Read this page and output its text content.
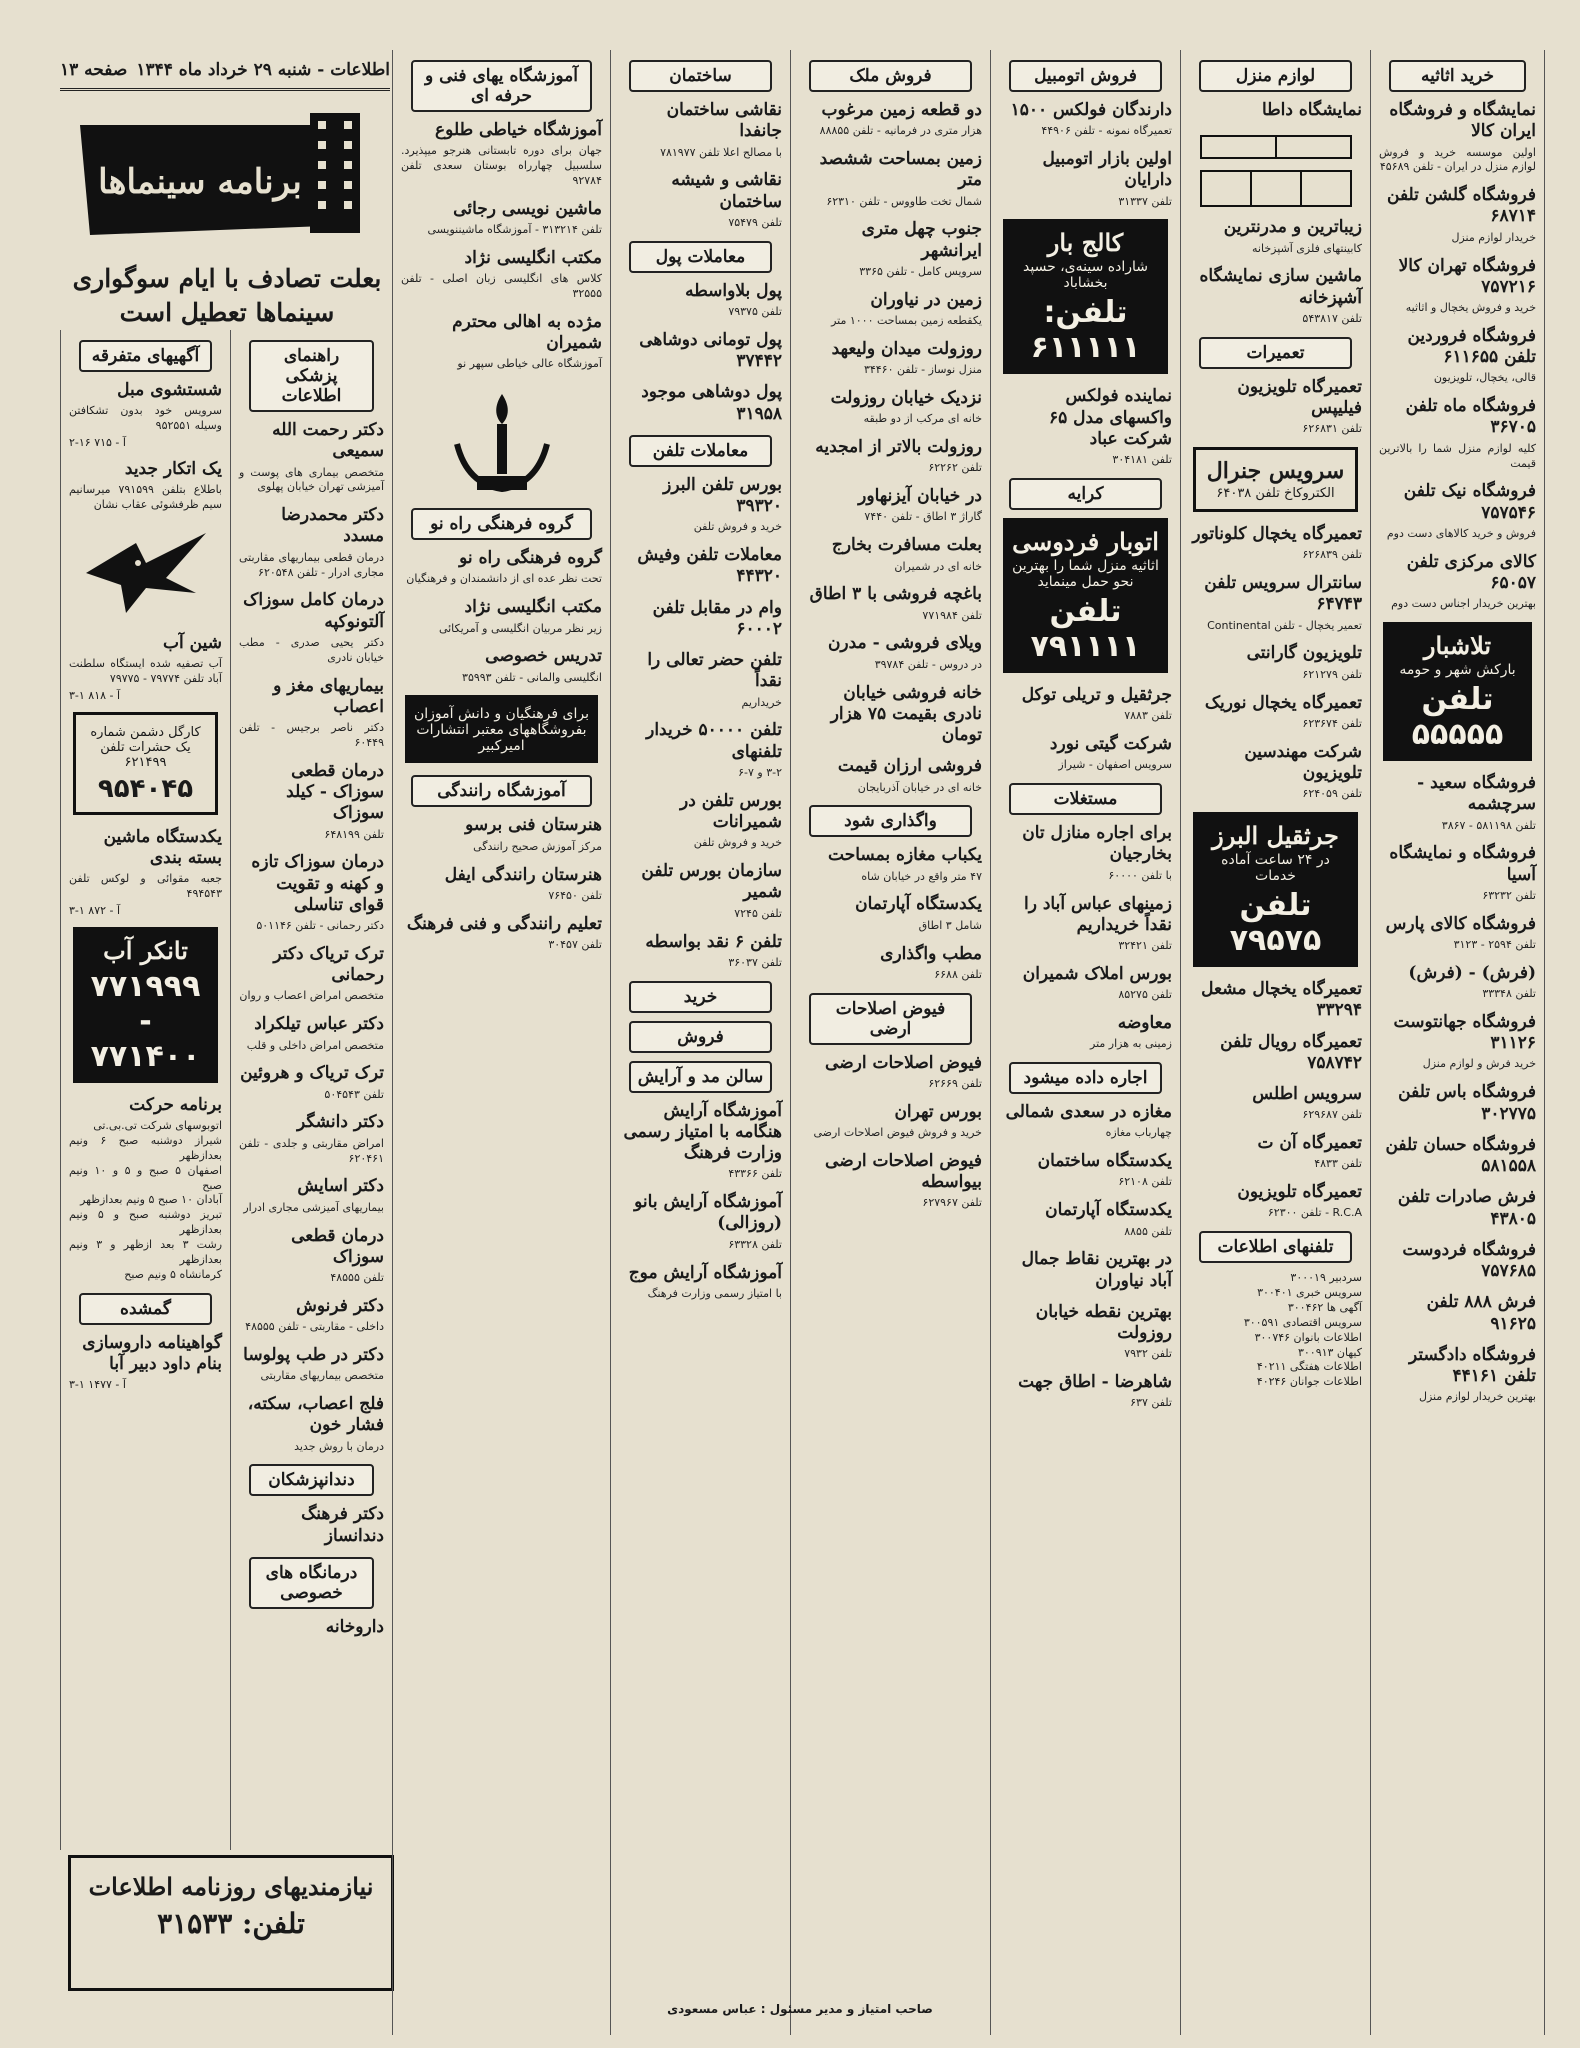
اطلاعات - شنبه ۲۹ خرداد ماه ۱۳۴۴
صفحه ۱۳
برنامه سینماها
بعلت تصادف با ایام سوگواری سینماها تعطیل است
آگهیهای متفرقه
شستشوی مبل

سرویس خود بدون تشکافتن وسیله ۹۵۲۵۵۱

۲-۱۶ آ - ۷۱۵
یک اتکار جدید

باطلاع بتلفن ۷۹۱۵۹۹ میرسانیم سیم ظرفشوئی عقاب نشان

شین آب

آب تصفیه شده ایستگاه سلطنت آباد تلفن ۷۹۷۷۴ - ۷۹۷۷۵

۳-۱ آ - ۸۱۸
کارگل دشمن شماره یک حشرات تلفن ۶۲۱۴۹۹
۹۵۴۰۴۵
یکدستگاه ماشین بسته بندی

جعبه مقوائی و لوکس تلفن ۴۹۴۵۴۳

۳-۱ آ - ۸۷۲
تانکر آب
۷۷۱۹۹۹ - ۷۷۱۴۰۰
برنامه حرکت

اتوبوسهای شرکت تی.بی.تی

شیراز دوشنبه صبح ۶ ونیم بعدازظهر

اصفهان ۵ صبح و ۵ و ۱۰ ونیم صبح

آبادان ۱۰ صبح ۵ ونیم بعدازظهر

تبریز دوشنبه صبح و ۵ ونیم بعدازظهر

رشت ۳ بعد ازظهر و ۳ ونیم بعدازظهر

کرمانشاه ۵ ونیم صبح

گمشده
گواهینامه داروسازی بنام داود دبیر آبا
۳-۱ آ - ۱۴۷۷
راهنمای پزشکی اطلاعات
دکتر رحمت الله سمیعی

متخصص بیماری های پوست و آمیزشی تهران خیابان پهلوی

دکتر محمدرضا مسدد

درمان قطعی بیماریهای مقاربتی مجاری ادرار - تلفن ۶۲۰۵۴۸

درمان کامل سوزاک آلتونوکپه

دکتر یحیی صدری - مطب خیابان نادری

بیماریهای مغز و اعصاب

دکتر ناصر برجیس - تلفن ۶۰۴۴۹

درمان قطعی سوزاک - کیلد سوزاک

تلفن ۶۴۸۱۹۹

درمان سوزاک تازه و کهنه و تقویت قوای تناسلی

دکتر رحمانی - تلفن ۵۰۱۱۴۶

ترک تریاک دکتر رحمانی

متخصص امراض اعصاب و روان

دکتر عباس تیلکراد

متخصص امراض داخلی و قلب

ترک تریاک و هروئین

تلفن ۵۰۴۵۴۳

دکتر دانشگر

امراض مقاربتی و جلدی - تلفن ۶۲۰۴۶۱

دکتر اسایش

بیماریهای آمیزشی مجاری ادرار

درمان قطعی سوزاک

تلفن ۴۸۵۵۵

دکتر فرنوش

داخلی - مقاربتی - تلفن ۴۸۵۵۵

دکتر در طب پولوسا

متخصص بیماریهای مقاربتی

فلج اعصاب، سکته، فشار خون

درمان با روش جدید

دندانپزشکان
دکتر فرهنگ دندانساز
درمانگاه های خصوصی
داروخانه
نیازمندیهای روزنامه اطلاعات
تلفن: ۳۱۵۳۳
آموزشگاه یهای فنی و حرفه ای
آموزشگاه خیاطی طلوع

جهان برای دوره تابستانی هنرجو میپذیرد. سلسبیل چهارراه بوستان سعدی تلفن ۹۲۷۸۴

ماشین نویسی رجائی

تلفن ۳۱۳۲۱۴ - آموزشگاه ماشیننویسی

مکتب انگلیسی نژاد

کلاس های انگلیسی زبان اصلی - تلفن ۳۲۵۵۵

مژده به اهالی محترم شمیران

آموزشگاه عالی خیاطی سپهر نو

گروه فرهنگی راه نو
گروه فرهنگی راه نو

تحت نظر عده ای از دانشمندان و فرهنگیان

مکتب انگلیسی نژاد

زیر نظر مربیان انگلیسی و آمریکائی

تدریس خصوصی

انگلیسی والمانی - تلفن ۳۵۹۹۳

برای فرهنگیان و دانش آموزان بفروشگاههای معتبر انتشارات امیرکبیر
آموزشگاه رانندگی
هنرستان فنی برسو

مرکز آموزش صحیح رانندگی

هنرستان رانندگی ایفل

تلفن ۷۶۴۵۰

تعلیم رانندگی و فنی فرهنگ

تلفن ۳۰۴۵۷

ساختمان
نقاشی ساختمان جانفدا

با مصالح اعلا تلفن ۷۸۱۹۷۷

نقاشی و شیشه ساختمان

تلفن ۷۵۴۷۹

معاملات پول
پول بلاواسطه

تلفن ۷۹۳۷۵

پول تومانی دوشاهی ۳۷۴۴۲
پول دوشاهی موجود ۳۱۹۵۸
معاملات تلفن
بورس تلفن البرز ۳۹۳۲۰

خرید و فروش تلفن

معاملات تلفن وفیش ۴۴۳۲۰
وام در مقابل تلفن ۶۰۰۰۲
تلفن حضر تعالی را نقداً

خریداریم

تلفن ۵۰۰۰۰ خریدار تلفنهای

۳-۲ و ۷-۶

بورس تلفن در شمیرانات

خرید و فروش تلفن

سازمان بورس تلفن شمیر

تلفن ۷۲۴۵

تلفن ۶ نقد بواسطه

تلفن ۳۶۰۳۷

خرید
فروش
سالن مد و آرایش
آموزشگاه آرایش هنگامه با امتیاز رسمی وزارت فرهنگ

تلفن ۴۳۳۶۶

آموزشگاه آرایش بانو (روزالی)

تلفن ۶۳۳۲۸

آموزشگاه آرایش موج

با امتیاز رسمی وزارت فرهنگ

فروش ملک
دو قطعه زمین مرغوب

هزار متری در فرمانیه - تلفن ۸۸۸۵۵

زمین بمساحت ششصد متر

شمال تخت طاووس - تلفن ۶۲۳۱۰

جنوب چهل متری ایرانشهر

سرویس کامل - تلفن ۳۳۶۵

زمین در نیاوران

یکقطعه زمین بمساحت ۱۰۰۰ متر

روزولت میدان ولیعهد

منزل نوساز - تلفن ۳۴۴۶۰

نزدیک خیابان روزولت

خانه ای مرکب از دو طبقه

روزولت بالاتر از امجدیه

تلفن ۶۲۲۶۲

در خیابان آیزنهاور

گاراژ ۳ اطاق - تلفن ۷۴۴۰

بعلت مسافرت بخارج

خانه ای در شمیران

باغچه فروشی با ۳ اطاق

تلفن ۷۷۱۹۸۴

ویلای فروشی - مدرن

در دروس - تلفن ۳۹۷۸۴

خانه فروشی خیابان نادری بقیمت ۷۵ هزار تومان
فروشی ارزان قیمت

خانه ای در خیابان آذربایجان

واگذاری شود
یکباب مغازه بمساحت

۴۷ متر واقع در خیابان شاه

یکدستگاه آپارتمان

شامل ۳ اطاق

مطب واگذاری

تلفن ۶۶۸۸

فیوض اصلاحات ارضی
فیوض اصلاحات ارضی

تلفن ۶۲۶۶۹

بورس تهران

خرید و فروش فیوض اصلاحات ارضی

فیوض اصلاحات ارضی بیواسطه

تلفن ۶۲۷۹۶۷

فروش اتومبیل
دارندگان فولکس ۱۵۰۰

تعمیرگاه نمونه - تلفن ۴۴۹۰۶

اولین بازار اتومبیل دارایان

تلفن ۳۱۳۳۷

کالج بار
شاراده سینه‌ی، حسپد بخشاباد
تلفن: ۶۱۱۱۱۱
نماینده فولکس واکسهای مدل ۶۵ شرکت عباد

تلفن ۳۰۴۱۸۱

کرایه
اتوبار فردوسی
اثاثیه منزل شما را بهترین نحو حمل مینماید
تلفن ۷۹۱۱۱۱
جرثقیل و تریلی توکل

تلفن ۷۸۸۳

شرکت گیتی نورد

سرویس اصفهان - شیراز

مستغلات
برای اجاره منازل تان بخارجیان

با تلفن ۶۰۰۰۰

زمینهای عباس آباد را نقداً خریداریم

تلفن ۳۲۴۲۱

بورس املاک شمیران

تلفن ۸۵۲۷۵

معاوضه

زمینی به هزار متر

اجاره داده میشود
مغازه در سعدی شمالی

چهارباب مغازه

یکدستگاه ساختمان

تلفن ۶۲۱۰۸

یکدستگاه آپارتمان

تلفن ۸۸۵۵

در بهترین نقاط جمال آباد نیاوران
بهترین نقطه خیابان روزولت

تلفن ۷۹۳۲

شاهرضا - اطاق جهت

تلفن ۶۳۷

لوازم منزل
نمایشگاه داطا
زیباترین و مدرنترین

کابینتهای فلزی آشپزخانه

ماشین سازی نمایشگاه آشپزخانه

تلفن ۵۴۳۸۱۷

تعمیرات
تعمیرگاه تلویزیون فیلیپس

تلفن ۶۲۶۸۳۱

سرویس جنرال
الکتروکاخ تلفن ۶۴۰۳۸
تعمیرگاه یخچال کلوناتور

تلفن ۶۲۶۸۳۹

سانترال سرویس تلفن ۶۴۷۴۳

تعمیر یخچال - تلفن Continental

تلویزیون گارانتی

تلفن ۶۲۱۲۷۹

تعمیرگاه یخچال نوریک

تلفن ۶۲۳۶۷۴

شرکت مهندسین تلویزیون

تلفن ۶۲۴۰۵۹

جرثقیل البرز
در ۲۴ ساعت آماده خدمات
تلفن ۷۹۵۷۵
تعمیرگاه یخچال مشعل ۳۳۲۹۴
تعمیرگاه رویال تلفن ۷۵۸۷۴۲
سرویس اطلس

تلفن ۶۲۹۶۸۷

تعمیرگاه آن ت

تلفن ۴۸۳۳

تعمیرگاه تلویزیون

R.C.A - تلفن ۶۲۳۰۰

تلفنهای اطلاعات

سردبیر ۳۰۰۰۱۹

سرویس خبری ۳۰۰۴۰۱

آگهی ها ۳۰۰۴۶۲

سرویس اقتصادی ۳۰۰۵۹۱

اطلاعات بانوان ۳۰۰۷۴۶

کیهان ۳۰۰۹۱۳

اطلاعات هفتگی ۴۰۲۱۱

اطلاعات جوانان ۴۰۲۴۶

خرید اثاثیه
نمایشگاه و فروشگاه ایران کالا

اولین موسسه خرید و فروش لوازم منزل در ایران - تلفن ۴۵۶۸۹

فروشگاه گلشن تلفن ۶۸۷۱۴

خریدار لوازم منزل

فروشگاه تهران کالا ۷۵۷۲۱۶

خرید و فروش یخچال و اثاثیه

فروشگاه فروردین تلفن ۶۱۱۶۵۵

قالی، یخچال، تلویزیون

فروشگاه ماه تلفن ۳۶۷۰۵

کلیه لوازم منزل شما را بالاترین قیمت

فروشگاه نیک تلفن ۷۵۷۵۴۶

فروش و خرید کالاهای دست دوم

کالای مرکزی تلفن ۶۵۰۵۷

بهترین خریدار اجناس دست دوم

تلاشبار
بارکش شهر و حومه
تلفن ۵۵۵۵۵
فروشگاه سعید - سرچشمه

تلفن ۵۸۱۱۹۸ - ۳۸۶۷

فروشگاه و نمایشگاه آسیا

تلفن ۶۳۲۳۲

فروشگاه کالای پارس

تلفن ۲۵۹۴ - ۳۱۲۳

(فرش) - (فرش)

تلفن ۳۳۳۴۸

فروشگاه جهانتوست ۳۱۱۲۶

خرید فرش و لوازم منزل

فروشگاه باس تلفن ۳۰۲۷۷۵
فروشگاه حسان تلفن ۵۸۱۵۵۸
فرش صادرات تلفن ۴۳۸۰۵
فروشگاه فردوست ۷۵۷۶۸۵
فرش ۸۸۸ تلفن ۹۱۶۲۵
فروشگاه دادگستر تلفن ۴۴۱۶۱

بهترین خریدار لوازم منزل

صاحب امتیاز و مدیر مسئول : عباس مسعودی
